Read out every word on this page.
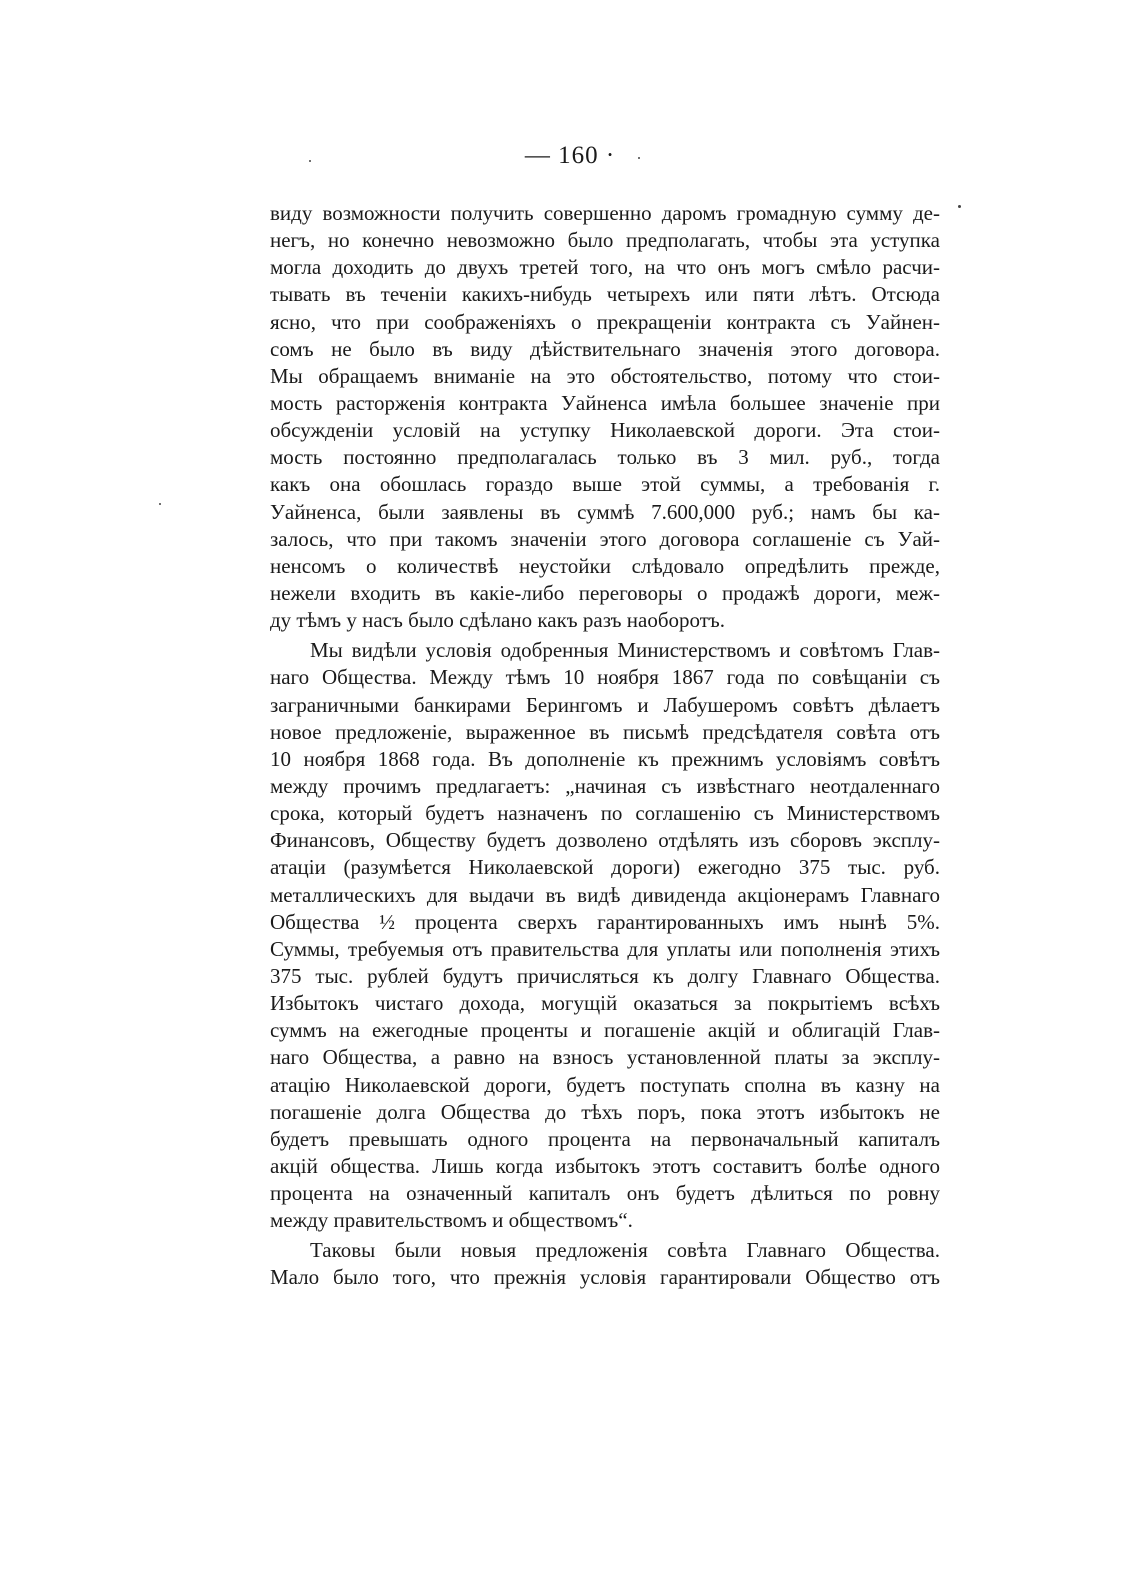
— 160 ·
виду возможности получить совершенно даромъ громадную сумму де-
негъ, но конечно невозможно было предполагать, чтобы эта уступка
могла доходить до двухъ третей того, на что онъ могъ смѣло расчи-
тывать въ теченіи какихъ-нибудь четырехъ или пяти лѣтъ. Отсюда
ясно, что при соображеніяхъ о прекращеніи контракта съ Уайнен-
сомъ не было въ виду дѣйствительнаго значенія этого договора.
Мы обращаемъ вниманіе на это обстоятельство, потому что стои-
мость расторженія контракта Уайненса имѣла большее значеніе при
обсужденіи условій на уступку Николаевской дороги. Эта стои-
мость постоянно предполагалась только въ 3 мил. руб., тогда
какъ она обошлась гораздо выше этой суммы, а требованія г.
Уайненса, были заявлены въ суммѣ 7.600,000 руб.; намъ бы ка-
залось, что при такомъ значеніи этого договора соглашеніе съ Уай-
ненсомъ о количествѣ неустойки слѣдовало опредѣлить прежде,
нежели входить въ какіе-либо переговоры о продажѣ дороги, меж-
ду тѣмъ у насъ было сдѣлано какъ разъ наоборотъ.
Мы видѣли условія одобренныя Министерствомъ и совѣтомъ Глав-
наго Общества. Между тѣмъ 10 ноября 1867 года по совѣщаніи съ
заграничными банкирами Берингомъ и Лабушеромъ совѣтъ дѣлаетъ
новое предложеніе, выраженное въ письмѣ предсѣдателя совѣта отъ
10 ноября 1868 года. Въ дополненіе къ прежнимъ условіямъ совѣтъ
между прочимъ предлагаетъ: „начиная съ извѣстнаго неотдаленнаго
срока, который будетъ назначенъ по соглашенію съ Министерствомъ
Финансовъ, Обществу будетъ дозволено отдѣлять изъ сборовъ эксплу-
атаціи (разумѣется Николаевской дороги) ежегодно 375 тыс. руб.
металлическихъ для выдачи въ видѣ дивиденда акціонерамъ Главнаго
Общества ½ процента сверхъ гарантированныхъ имъ нынѣ 5%.
Суммы, требуемыя отъ правительства для уплаты или пополненія этихъ
375 тыс. рублей будутъ причисляться къ долгу Главнаго Общества.
Избытокъ чистаго дохода, могущій оказаться за покрытіемъ всѣхъ
суммъ на ежегодные проценты и погашеніе акцій и облигацій Глав-
наго Общества, а равно на взносъ установленной платы за эксплу-
атацію Николаевской дороги, будетъ поступать сполна въ казну на
погашеніе долга Общества до тѣхъ поръ, пока этотъ избытокъ не
будетъ превышать одного процента на первоначальный капиталъ
акцій общества. Лишь когда избытокъ этотъ составитъ болѣе одного
процента на означенный капиталъ онъ будетъ дѣлиться по ровну
между правительствомъ и обществомъ“.
Таковы были новыя предложенія совѣта Главнаго Общества.
Мало было того, что прежнія условія гарантировали Общество отъ
